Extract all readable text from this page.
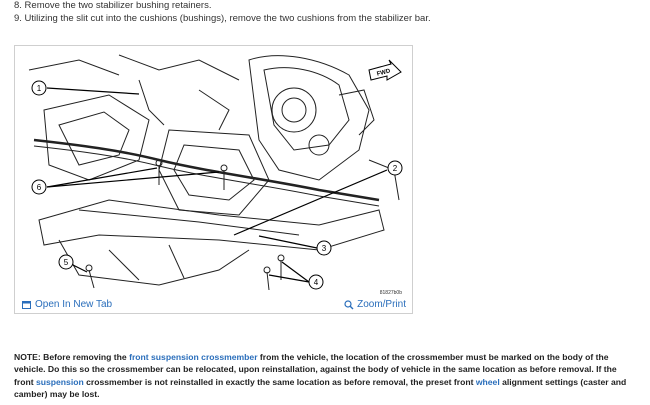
8. Remove the two stabilizer bushing retainers.
9. Utilizing the slit cut into the cushions (bushings), remove the two cushions from the stabilizer bar.
1
2
3
4
5
6
FWD
81827b0b
Open In New Tab	Zoom/Print
NOTE: Before removing the front suspension crossmember from the vehicle, the location of the crossmember must be marked on the body of the vehicle. Do this so the crossmember can be relocated, upon reinstallation, against the body of vehicle in the same location as before removal. If the front suspension crossmember is not reinstalled in exactly the same location as before removal, the preset front wheel alignment settings (caster and camber) may be lost.
